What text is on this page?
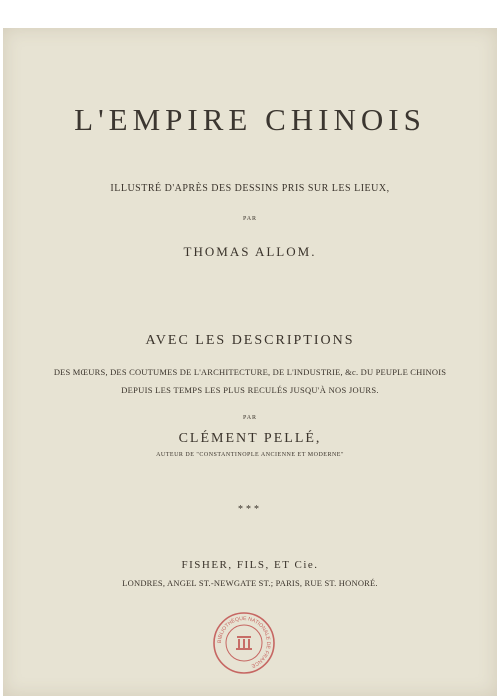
L'EMPIRE CHINOIS
ILLUSTRÉ D'APRÈS DES DESSINS PRIS SUR LES LIEUX,
PAR
THOMAS ALLOM.
AVEC LES DESCRIPTIONS
DES MŒURS, DES COUTUMES DE L'ARCHITECTURE, DE L'INDUSTRIE, &c. DU PEUPLE CHINOIS
DEPUIS LES TEMPS LES PLUS RECULÉS JUSQU'À NOS JOURS.
PAR
CLÉMENT PELLÉ,
AUTEUR DE "CONSTANTINOPLE ANCIENNE ET MODERNE"
***
FISHER, FILS, ET Cie.
LONDRES, ANGEL ST.-NEWGATE ST.; PARIS, RUE ST. HONORÉ.
BIBLIOTHÈQUE NATIONALE DE FRANCE
